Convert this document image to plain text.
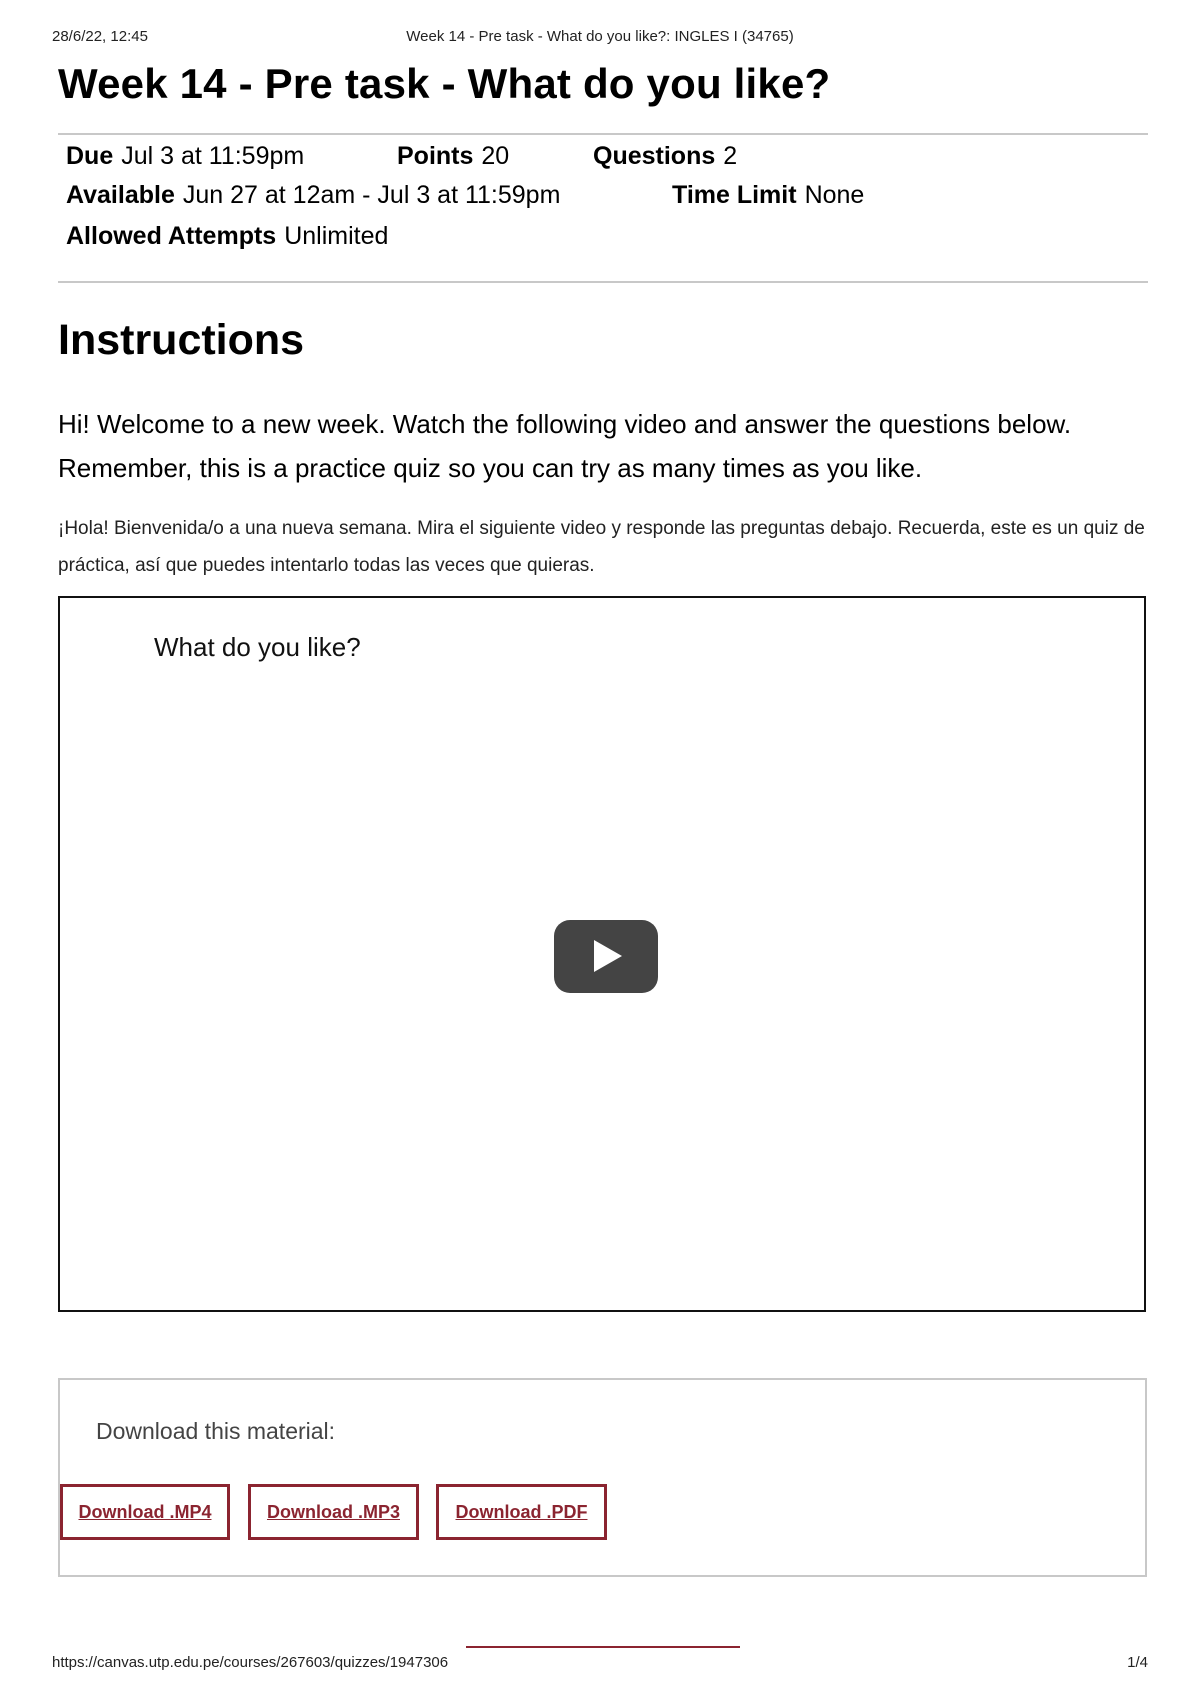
28/6/22, 12:45	Week 14 - Pre task - What do you like?: INGLES I (34765)
Week 14 - Pre task - What do you like?
Due Jul 3 at 11:59pm	Points 20	Questions 2
Available Jun 27 at 12am - Jul 3 at 11:59pm	Time Limit None
Allowed Attempts Unlimited
Instructions

Hi! Welcome to a new week. Watch the following video and answer the questions below. Remember, this is a practice quiz so you can try as many times as you like.

¡Hola! Bienvenida/o a una nueva semana. Mira el siguiente video y responde las preguntas debajo. Recuerda, este es un quiz de práctica, así que puedes intentarlo todas las veces que quieras.

What do you like?
Download this material:
Download .MP4	Download .MP3	Download .PDF
https://canvas.utp.edu.pe/courses/267603/quizzes/1947306	1/4
